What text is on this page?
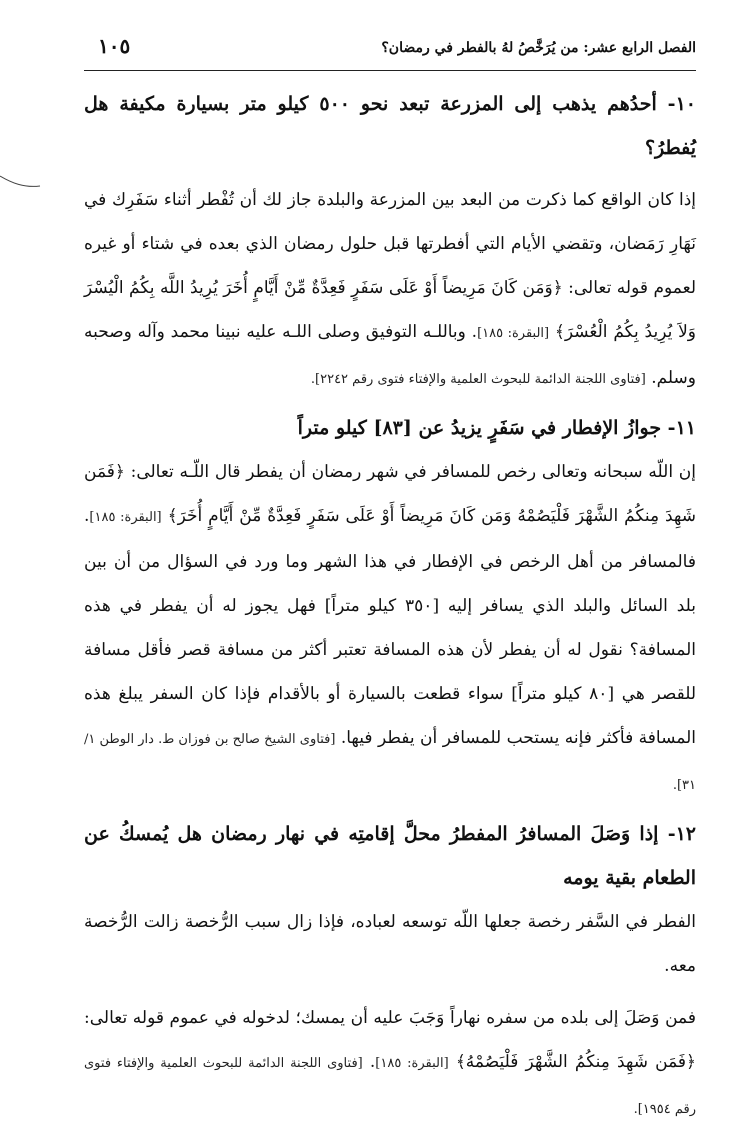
الفصل الرابع عشر: من يُرَخَّصُ لهُ بالفطر في رمضان؟
١٠٥

١٠- أحدُهم يذهب إلى المزرعة تبعد نحو ٥٠٠ كيلو متر بسيارة مكيفة هل يُفطرُ؟

إذا كان الواقع كما ذكرت من البعد بين المزرعة والبلدة جاز لك أن تُفْطر أثناء سَفَرِك في نَهَارِ رَمَضان، وتقضي الأيام التي أفطرتها قبل حلول رمضان الذي بعده في شتاء أو غيره لعموم قوله تعالى: ﴿وَمَن كَانَ مَرِيضاً أَوْ عَلَى سَفَرٍ فَعِدَّةٌ مِّنْ أَيَّامٍ أُخَرَ يُرِيدُ اللَّه بِكُمُ الْيُسْرَ وَلاَ يُرِيدُ بِكُمُ الْعُسْرَ﴾ [البقرة: ١٨٥]. وباللـه التوفيق وصلى اللـه عليه نبينا محمد وآله وصحبه وسلم. [فتاوى اللجنة الدائمة للبحوث العلمية والإفتاء فتوى رقم ٢٢٤٢].

١١- جوازُ الإفطار في سَفَرٍ يزيدُ عن [٨٣] كيلو متراً

إن اللّه سبحانه وتعالى رخص للمسافر في شهر رمضان أن يفطر قال اللّـه تعالى: ﴿فَمَن شَهِدَ مِنكُمُ الشَّهْرَ فَلْيَصُمْهُ وَمَن كَانَ مَرِيضاً أَوْ عَلَى سَفَرٍ فَعِدَّةٌ مِّنْ أَيَّامٍ أُخَرَ﴾ [البقرة: ١٨٥]. فالمسافر من أهل الرخص في الإفطار في هذا الشهر وما ورد في السؤال من أن بين بلد السائل والبلد الذي يسافر إليه [٣٥٠ كيلو متراً] فهل يجوز له أن يفطر في هذه المسافة؟ نقول له أن يفطر لأن هذه المسافة تعتبر أكثر من مسافة قصر فأقل مسافة للقصر هي [٨٠ كيلو متراً] سواء قطعت بالسيارة أو بالأقدام فإذا كان السفر يبلغ هذه المسافة فأكثر فإنه يستحب للمسافر أن يفطر فيها. [فتاوى الشيخ صالح بن فوزان ط. دار الوطن ١/ ٣١].

١٢- إذا وَصَلَ المسافرُ المفطرُ محلَّ إقامتِه في نهار رمضان هل يُمسكُ عن الطعام بقية يومه

الفطر في السَّفر رخصة جعلها اللّه توسعه لعباده، فإذا زال سبب الرُّخصة زالت الرُّخصة معه.

فمن وَصَلَ إلى بلده من سفره نهاراً وَجَبَ عليه أن يمسك؛ لدخوله في عموم قوله تعالى: ﴿فَمَن شَهِدَ مِنكُمُ الشَّهْرَ فَلْيَصُمْهُ﴾ [البقرة: ١٨٥]. [فتاوى اللجنة الدائمة للبحوث العلمية والإفتاء فتوى رقم ١٩٥٤].
